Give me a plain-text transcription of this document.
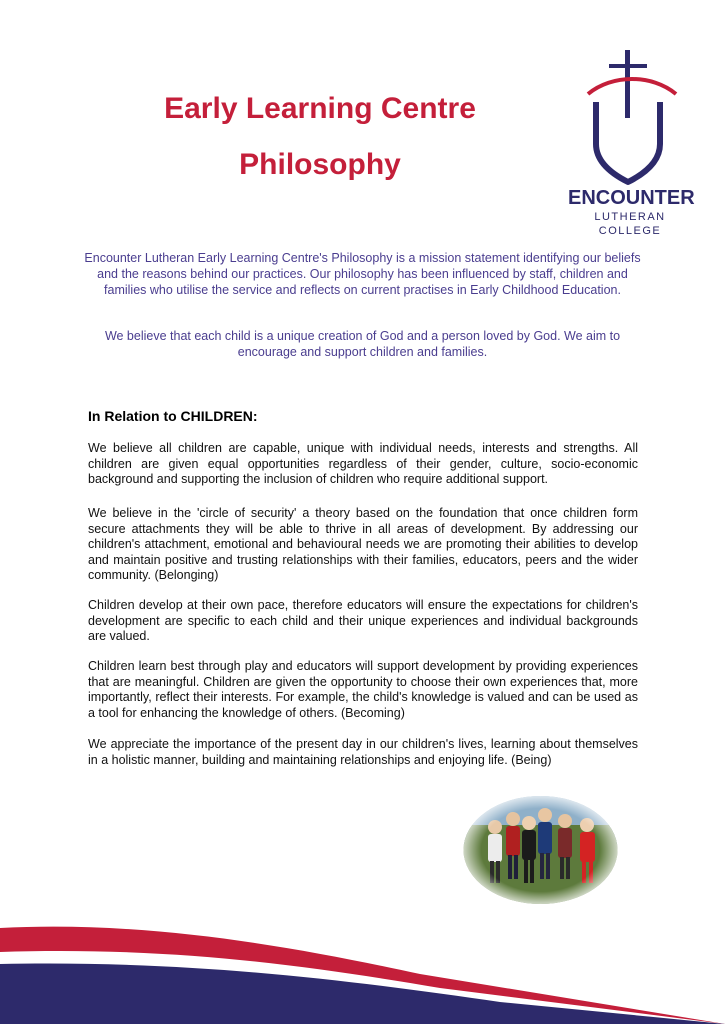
Early Learning Centre
Philosophy
ENCOUNTER
LUTHERAN COLLEGE

Encounter Lutheran Early Learning Centre's Philosophy is a mission statement identifying our beliefs and the reasons behind our practices. Our philosophy has been influenced by staff, children and families who utilise the service and reflects on current practises in Early Childhood Education.

We believe that each child is a unique creation of God and a person loved by God. We aim to encourage and support children and families.

In Relation to CHILDREN:

We believe all children are capable, unique with individual needs, interests and strengths. All children are given equal opportunities regardless of their gender, culture, socio-economic background and supporting the inclusion of children who require additional support.

We believe in the 'circle of security' a theory based on the foundation that once children form secure attachments they will be able to thrive in all areas of development. By addressing our children's attachment, emotional and behavioural needs we are promoting their abilities to develop and maintain positive and trusting relationships with their families, educators, peers and the wider community. (Belonging)

Children develop at their own pace, therefore educators will ensure the expectations for children's development are specific to each child and their unique experiences and individual backgrounds are valued.

Children learn best through play and educators will support development by providing experiences that are meaningful. Children are given the opportunity to choose their own experiences that, more importantly, reflect their interests. For example, the child's knowledge is valued and can be used as a tool for enhancing the knowledge of others. (Becoming)

We appreciate the importance of the present day in our children's lives, learning about themselves in a holistic manner, building and maintaining relationships and enjoying life. (Being)
